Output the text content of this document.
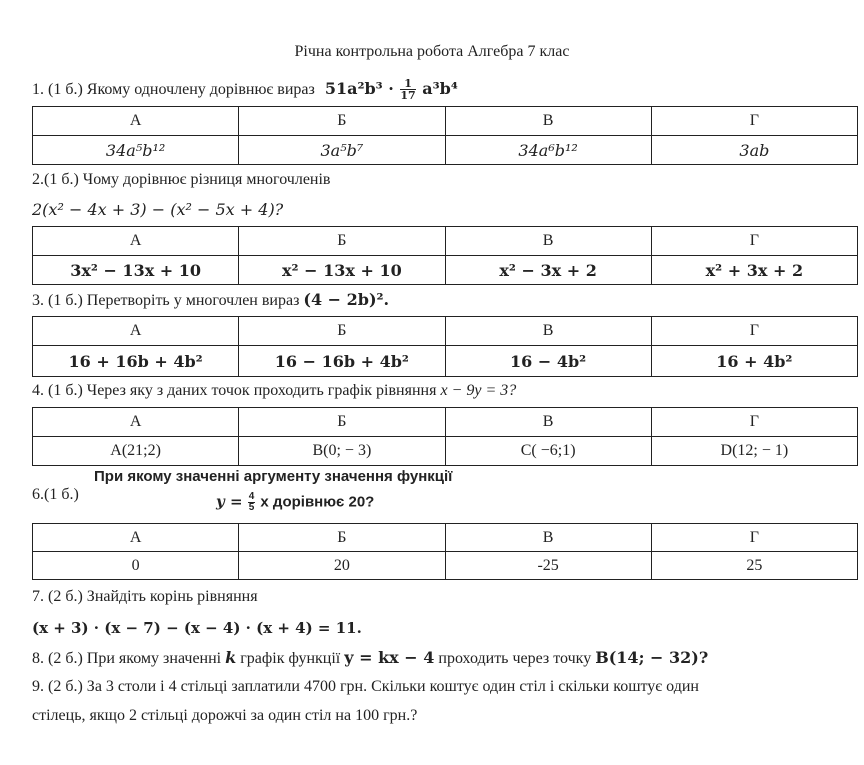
Річна контрольна робота Алгебра 7 клас
1. (1 б.) Якому одночлену дорівнює вираз $51a^2b^3 \cdot \frac{1}{17} a^3b^4$
А	Б	В	Г
34a⁵b¹²	3a⁵b⁷	34a⁶b¹²	3ab
2.(1 б.) Чому дорівнює різниця многочленів
2(x² − 4x + 3) − (x² − 5x + 4)?
А	Б	В	Г
3x² − 13x + 10	x² − 13x + 10	x² − 3x + 2	x² + 3x + 2
3. (1 б.) Перетворіть у многочлен вираз (4 − 2b)².
А	Б	В	Г
16 + 16b + 4b²	16 − 16b + 4b²	16 − 4b²	16 + 4b²
4. (1 б.) Через яку з даних точок проходить графік рівняння x − 9y = 3?
А	Б	В	Г
A(21;2)	B(0; − 3)	C( −6;1)	D(12; − 1)
6.(1 б.)
При якому значенні аргументу значення функції
$y = \frac{4}{5}$ x дорівнює 20?
А	Б	В	Г
0	20	-25	25
7. (2 б.) Знайдіть корінь рівняння
(x + 3) · (x − 7) − (x − 4) · (x + 4) = 11.
8. (2 б.) При якому значенні k графік функції y = kx − 4 проходить через точку B(14; − 32)?
9. (2 б.) За 3 столи і 4 стільці заплатили 4700 грн. Скільки коштує один стіл і скільки коштує один
стілець, якщо 2 стільці дорожчі за один стіл на 100 грн.?
